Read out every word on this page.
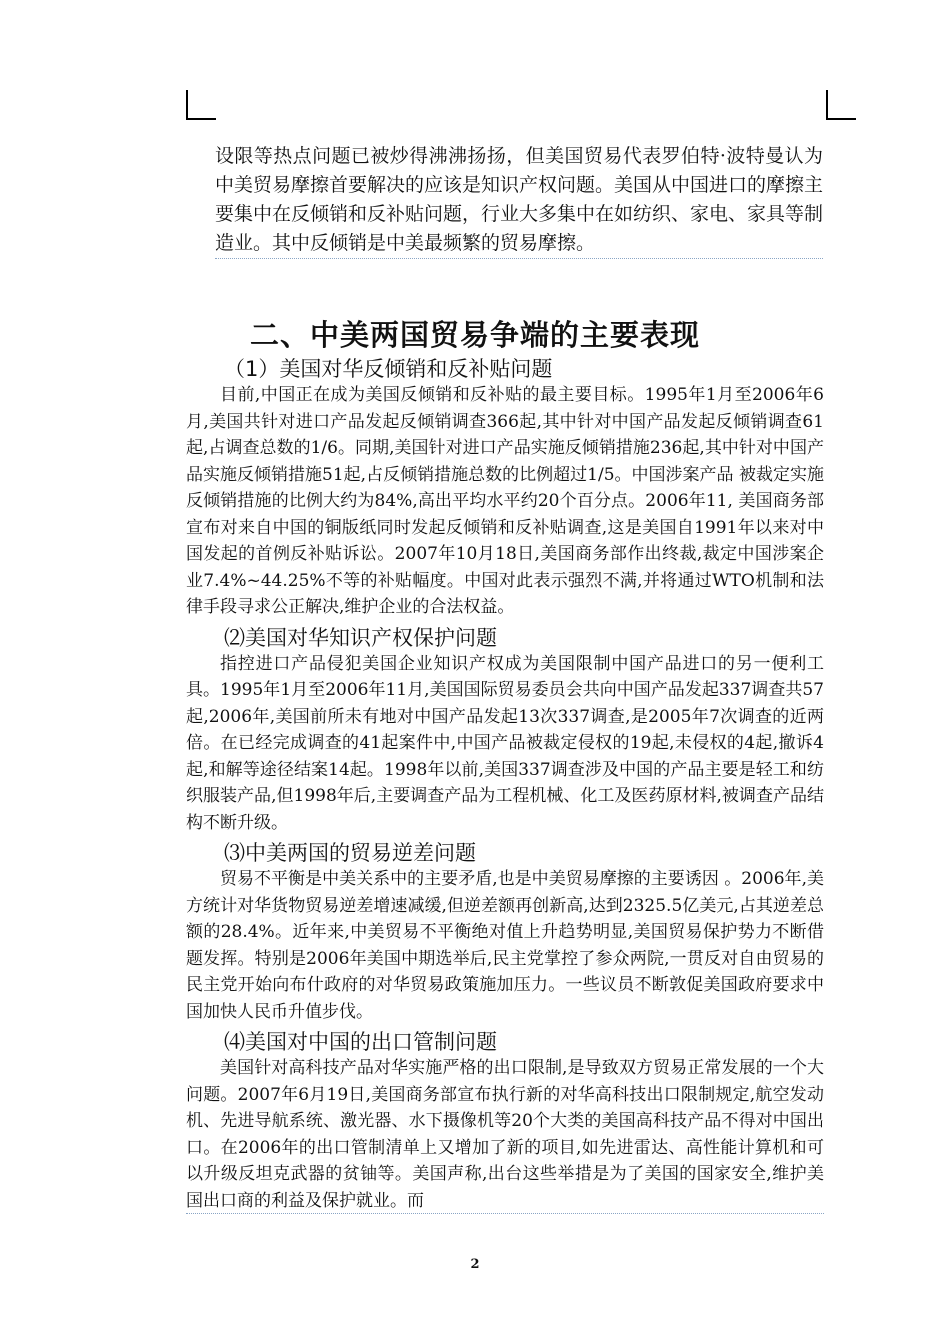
设限等热点问题已被炒得沸沸扬扬，但美国贸易代表罗伯特·波特曼认为中美贸易摩擦首要解决的应该是知识产权问题。美国从中国进口的摩擦主要集中在反倾销和反补贴问题，行业大多集中在如纺织、家电、家具等制造业。其中反倾销是中美最频繁的贸易摩擦。
二、中美两国贸易争端的主要表现
（1）美国对华反倾销和反补贴问题

目前,中国正在成为美国反倾销和反补贴的最主要目标。1995年1月至2006年6月,美国共针对进口产品发起反倾销调查366起,其中针对中国产品发起反倾销调查61起,占调查总数的1/6。同期,美国针对进口产品实施反倾销措施236起,其中针对中国产品实施反倾销措施51起,占反倾销措施总数的比例超过1/5。中国涉案产品 被裁定实施反倾销措施的比例大约为84%,高出平均水平约20个百分点。2006年11, 美国商务部宣布对来自中国的铜版纸同时发起反倾销和反补贴调查,这是美国自1991年以来对中国发起的首例反补贴诉讼。2007年10月18日,美国商务部作出终裁,裁定中国涉案企业7.4%~44.25%不等的补贴幅度。中国对此表示强烈不满,并将通过WTO机制和法律手段寻求公正解决,维护企业的合法权益。

⑵美国对华知识产权保护问题

指控进口产品侵犯美国企业知识产权成为美国限制中国产品进口的另一便利工具。1995年1月至2006年11月,美国国际贸易委员会共向中国产品发起337调查共57起,2006年,美国前所未有地对中国产品发起13次337调查,是2005年7次调查的近两倍。在已经完成调查的41起案件中,中国产品被裁定侵权的19起,未侵权的4起,撤诉4起,和解等途径结案14起。1998年以前,美国337调查涉及中国的产品主要是轻工和纺织服装产品,但1998年后,主要调查产品为工程机械、化工及医药原材料,被调查产品结构不断升级。

⑶中美两国的贸易逆差问题

贸易不平衡是中美关系中的主要矛盾,也是中美贸易摩擦的主要诱因 。2006年,美方统计对华货物贸易逆差增速减缓,但逆差额再创新高,达到2325.5亿美元,占其逆差总额的28.4%。近年来,中美贸易不平衡绝对值上升趋势明显,美国贸易保护势力不断借题发挥。特别是2006年美国中期选举后,民主党掌控了参众两院,一贯反对自由贸易的民主党开始向布什政府的对华贸易政策施加压力。一些议员不断敦促美国政府要求中国加快人民币升值步伐。

⑷美国对中国的出口管制问题

美国针对高科技产品对华实施严格的出口限制,是导致双方贸易正常发展的一个大问题。2007年6月19日,美国商务部宣布执行新的对华高科技出口限制规定,航空发动机、先进导航系统、激光器、水下摄像机等20个大类的美国高科技产品不得对中国出口。在2006年的出口管制清单上又增加了新的项目,如先进雷达、高性能计算机和可以升级反坦克武器的贫铀等。美国声称,出台这些举措是为了美国的国家安全,维护美国出口商的利益及保护就业。而

2
